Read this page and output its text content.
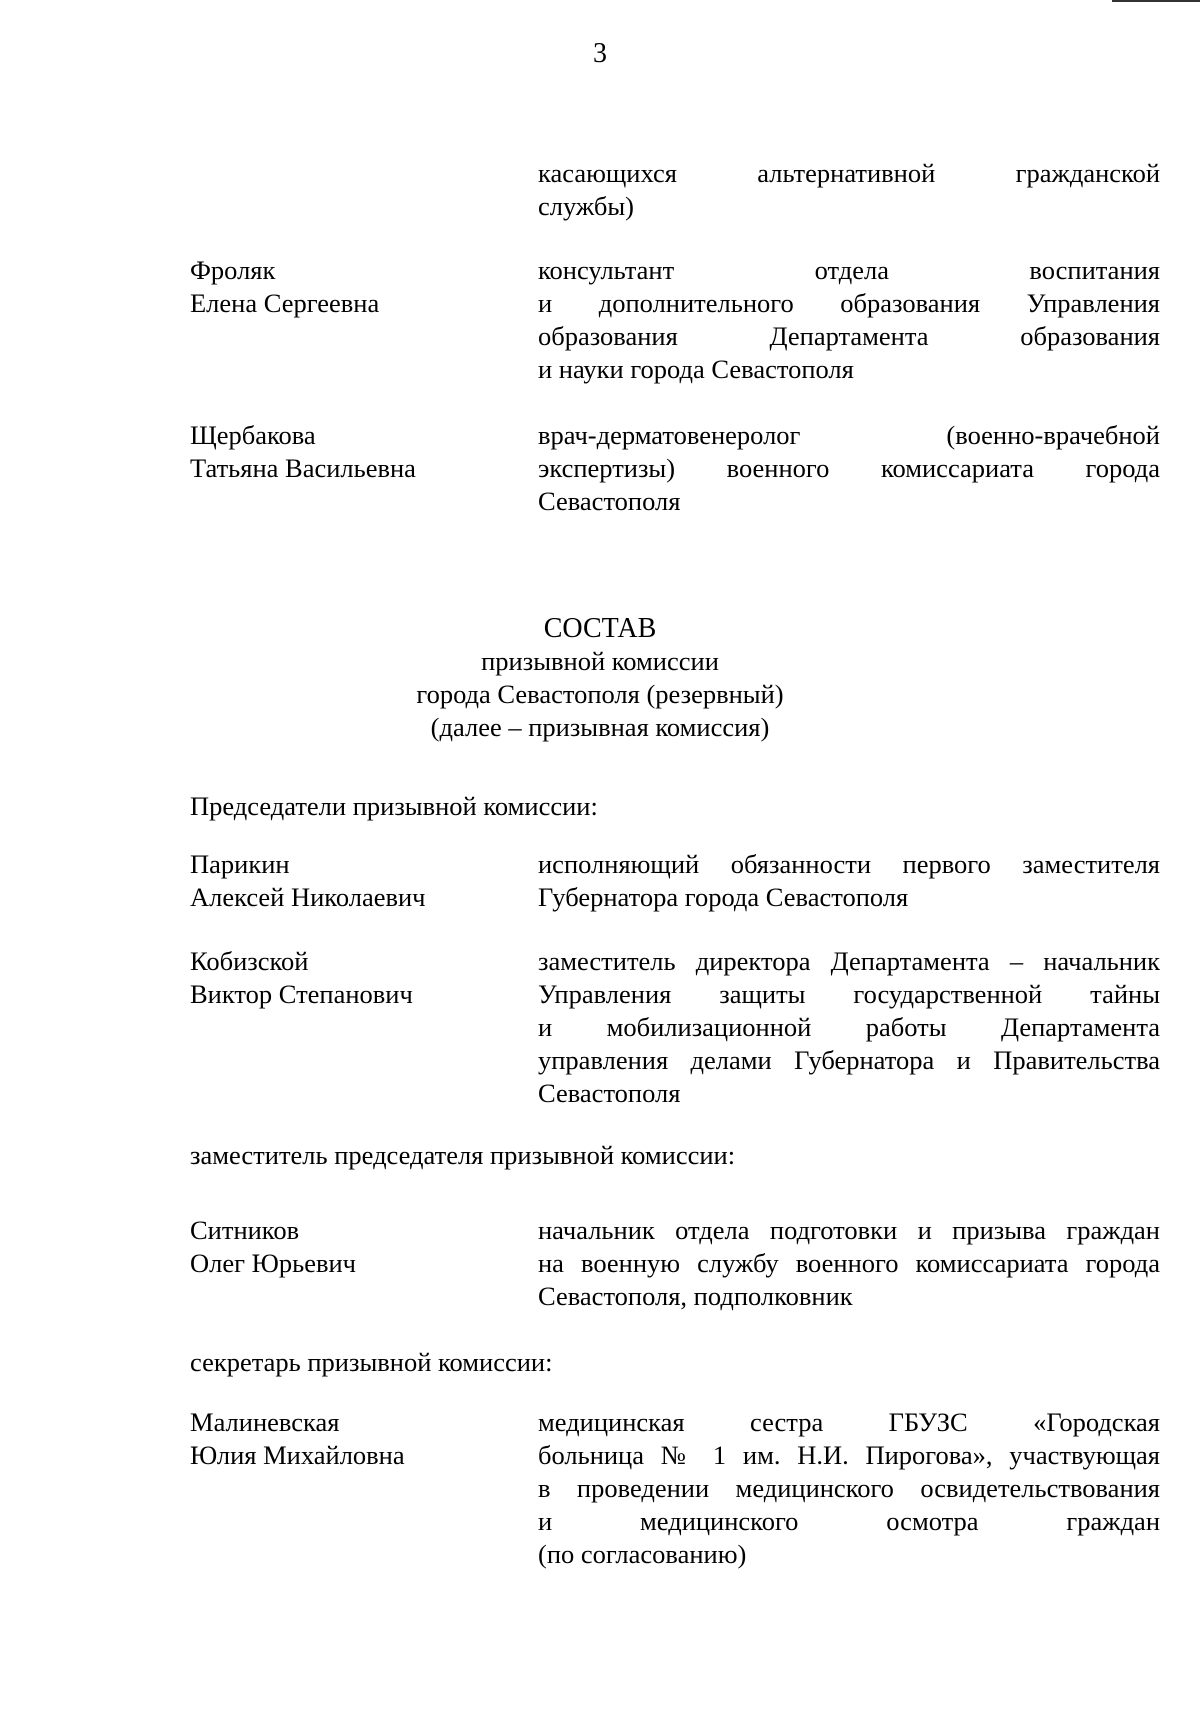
3
касающихся альтернативной гражданской
службы)
Фроляк
Елена Сергеевна
консультант отдела воспитания
и дополнительного образования Управления
образования Департамента образования
и науки города Севастополя
Щербакова
Татьяна Васильевна
врач-дерматовенеролог (военно-врачебной
экспертизы) военного комиссариата города
Севастополя
СОСТАВ
призывной комиссии
города Севастополя (резервный)
(далее – призывная комиссия)
Председатели призывной комиссии:
Парикин
Алексей Николаевич
исполняющий обязанности первого заместителя
Губернатора города Севастополя
Кобизской
Виктор Степанович
заместитель директора Департамента – начальник
Управления защиты государственной тайны
и мобилизационной работы Департамента
управления делами Губернатора и Правительства
Севастополя
заместитель председателя призывной комиссии:
Ситников
Олег Юрьевич
начальник отдела подготовки и призыва граждан
на военную службу военного комиссариата города
Севастополя, подполковник
секретарь призывной комиссии:
Малиневская
Юлия Михайловна
медицинская сестра ГБУЗС «Городская
больница № 1 им. Н.И. Пирогова», участвующая
в проведении медицинского освидетельствования
и медицинского осмотра граждан
(по согласованию)
